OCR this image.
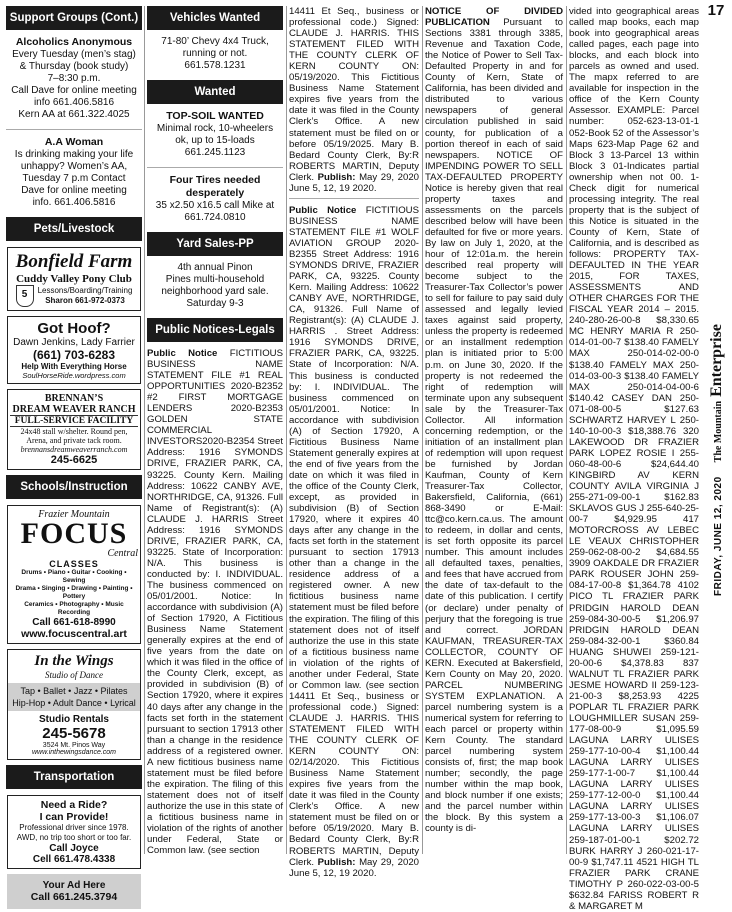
Support Groups (Cont.)
Alcoholics Anonymous

Every Tuesday (men’s stag)

& Thursday (book study)

7–8:30 p.m.

Call Dave for online meeting

info 661.406.5816

Kern AA at 661.322.4025

A.A Woman

Is drinking making your life

unhappy? Women’s AA,

Tuesday 7 p.m Contact

Dave for online meeting

info. 661.406.5816

Pets/Livestock
Bonfield Farm
Cuddy Valley Pony Club
5	Lessons/Boarding/Training
Sharon 661-972-0373
Got Hoof?
Dawn Jenkins, Lady Farrier
(661) 703-6283
Help With Everything Horse
SoulHorseRide.wordpress.com
BRENNAN’S
DREAM WEAVER RANCH
FULL-SERVICE FACILITY
24x48 stall w/shelter. Round pen,
Arena, and private tack room.
brennansdreamweaverranch.com
245-6625
Schools/Instruction
Frazier Mountain
FOCUS
Central
CLASSES
Drums • Piano • Guitar • Cooking • Sewing
Drama • Singing • Drawing • Painting • Pottery
Ceramics • Photography • Music Recording
Call 661-618-8990
www.focuscentral.art
In the Wings
Studio of Dance
Tap • Ballet • Jazz • Pilates
Hip-Hop • Adult Dance • Lyrical
Studio Rentals
245-5678
3524 Mt. Pinos Way
www.inthewingsdance.com
Transportation
Need a Ride?
I can Provide!
Professional driver since 1978.
AWD, no trip too short or too far.
Call Joyce
Cell 661.478.4338
Your Ad Here
Call 661.245.3794
Vehicles Wanted

71-80’ Chevy 4x4 Truck,

running or not.

661.578.1231

Wanted
TOP-SOIL WANTED

Minimal rock, 10-wheelers

ok, up to 15-loads

661.245.1123

Four Tires needed
desperately

35 x2.50 x16.5 call Mike at

661.724.0810

Yard Sales-PP

4th annual Pinon

Pines multi-household

neighborhood yard sale.

Saturday 9-3

Public Notices-Legals

Public Notice FICTITIOUS BUSINESS NAME STATEMENT FILE #1 REAL OPPORTUNITIES 2020-B2352 #2 FIRST MORTGAGE LENDERS 2020-B2353 GOLDEN STATE COMMERCIAL INVESTORS2020-B2354 Street Address: 1916 SYMONDS DRIVE, FRAZIER PARK, CA, 93225. County Kern. Mailing Address: 10622 CANBY AVE, NORTHRIDGE, CA, 91326. Full Name of Registrant(s): (A) CLAUDE J. HARRIS Street Address: 1916 SYMONDS DRIVE, FRAZIER PARK, CA, 93225. State of Incorporation: N/A. This business is conducted by: I. INDIVIDUAL. The business commenced on 05/01/2001. Notice: In accordance with subdivision (A) of Section 17920, A Fictitious Business Name Statement generally expires at the end of five years from the date on which it was filed in the office of the County Clerk, except, as provided in subdivision (B) of Section 17920, where it expires 40 days after any change in the facts set forth in the statement pursuant to section 17913 other than a change in the residence address of a registered owner. A new fictitious business name statement must be filed before the expiration. The filing of this statement does not of itself authorize the use in this state of a fictitious business name in violation of the rights of another under Federal, State or Common law. (see section

14411 Et Seq., business or professional code.) Signed: CLAUDE J. HARRIS. THIS STATEMENT FILED WITH THE COUNTY CLERK OF KERN COUNTY ON: 05/19/2020. This Fictitious Business Name Statement expires five years from the date it was filed in the County Clerk’s Office. A new statement must be filed on or before 05/19/2025. Mary B. Bedard County Clerk, By:R ROBERTS MARTIN, Deputy Clerk. Publish: May 29, 2020 June 5, 12, 19 2020.

Public Notice FICTITIOUS BUSINESS NAME STATEMENT FILE #1 WOLF AVIATION GROUP 2020-B2355 Street Address: 1916 SYMONDS DRIVE, FRAZIER PARK, CA, 93225. County Kern. Mailing Address: 10622 CANBY AVE, NORTHRIDGE, CA, 91326. Full Name of Registrant(s): (A) CLAUDE J. HARRIS . Street Address: 1916 SYMONDS DRIVE, FRAZIER PARK, CA, 93225. State of Incorporation: N/A. This business is conducted by: I. INDIVIDUAL. The business commenced on 05/01/2001. Notice: In accordance with subdivision (A) of Section 17920, A Fictitious Business Name Statement generally expires at the end of five years from the date on which it was filed in the office of the County Clerk, except, as provided in subdivision (B) of Section 17920, where it expires 40 days after any change in the facts set forth in the statement pursuant to section 17913 other than a change in the residence address of a registered owner. A new fictitious business name statement must be filed before the expiration. The filing of this statement does not of itself authorize the use in this state of a fictitious business name in violation of the rights of another under Federal, State or Common law. (see section 14411 Et Seq., business or professional code.) Signed: CLAUDE J. HARRIS. THIS STATEMENT FILED WITH THE COUNTY CLERK OF KERN COUNTY ON: 02/14/2020. This Fictitious Business Name Statement expires five years from the date it was filed in the County Clerk’s Office. A new statement must be filed on or before 05/19/2020. Mary B. Bedard County Clerk, By:R ROBERTS MARTIN, Deputy Clerk. Publish: May 29, 2020 June 5, 12, 19 2020.

NOTICE OF DIVIDED PUBLICATION Pursuant to Sections 3381 through 3385, Revenue and Taxation Code, the Notice of Power to Sell Tax-Defaulted Property in and for County of Kern, State of California, has been divided and distributed to various newspapers of general circulation published in said county, for publication of a portion thereof in each of said newspapers. NOTICE OF IMPENDING POWER TO SELL TAX-DEFAULTED PROPERTY Notice is hereby given that real property taxes and assessments on the parcels described below will have been defaulted for five or more years. By law on July 1, 2020, at the hour of 12:01a.m. the herein described real property will become subject to the Treasurer-Tax Collector’s power to sell for failure to pay said duly assessed and legally levied taxes against said property, unless the property is redeemed or an installment redemption plan is initiated prior to 5:00 p.m. on June 30, 2020. If the property is not redeemed the right of redemption will terminate upon any subsequent sale by the Treasurer-Tax Collector. All information concerning redemption, or the initiation of an installment plan of redemption will upon request be furnished by Jordan Kaufman, County of Kern Treasurer-Tax Collector, Bakersfield, California, (661) 868-3490 or E-Mail: ttc@co.kern.ca.us. The amount to redeem, in dollar and cents, is set forth opposite its parcel number. This amount includes all defaulted taxes, penalties, and fees that have accrued from the date of tax-default to the date of this publication. I certify (or declare) under penalty of perjury that the foregoing is true and correct. JORDAN KAUFMAN, TREASURER-TAX COLLECTOR, COUNTY OF KERN. Executed at Bakersfield, Kern County on May 20, 2020. PARCEL NUMBERING SYSTEM EXPLANATION. A parcel numbering system is a numerical system for referring to each parcel or property within Kern County. The standard parcel numbering system consists of, first; the map book number; secondly, the page number within the map book, and block number if one exists; and the parcel number within the block. By this system a county is di-

vided into geographical areas called map books, each map book into geographical areas called pages, each page into blocks, and each block into parcels as owned and used. The mapx referred to are available for inspection in the office of the Kern County Assessor. EXAMPLE: Parcel number: 052-623-13-01-1 052-Book 52 of the Assessor’s Maps 623-Map Page 62 and Block 3 13-Parcel 13 within Block 3 01-Indicates partial ownership when not 00. 1-Check digit for numerical processing integrity. The real property that is the subject of this Notice is situated in the County of Kern, State of California, and is described as follows: PROPERTY TAX-DEFAULTED IN THE YEAR 2015, FOR TAXES, ASSESSMENTS AND OTHER CHARGES FOR THE FISCAL YEAR 2014 – 2015. 240-280-26-00-8 $8,330.65 MC HENRY MARIA R 250-014-01-00-7 $138.40 FAMELY MAX 250-014-02-00-0 $138.40 FAMELY MAX 250-014-03-00-3 $138.40 FAMELY MAX 250-014-04-00-6 $140.42 CASEY DAN 250-071-08-00-5 $127.63 SCHWARTZ HARVEY L 250-140-10-00-3 $18,388.76 320 LAKEWOOD DR FRAZIER PARK LOPEZ ROSIE I 255-060-48-00-6 $24,644.40 KINGBIRD AV KERN COUNTY AVILA VIRGINIA J 255-271-09-00-1 $162.83 SKLAVOS GUS J 255-640-25-00-7 $4,929.95 417 MOTORCROSS AV LEBEC LE VEAUX CHRISTOPHER 259-062-08-00-2 $4,684.55 3909 OAKDALE DR FRAZIER PARK ROUSER JOHN 259-084-17-00-8 $1,364.78 4102 PICO TL FRAZIER PARK PRIDGIN HAROLD DEAN 259-084-30-00-5 $1,206.97 PRIDGIN HAROLD DEAN 259-084-32-00-1 $360.84 HUANG SHUWEI 259-121-20-00-6 $4,378.83 837 WALNUT TL FRAZIER PARK JESME HOWARD II 259-123-21-00-3 $8,253.93 4225 POPLAR TL FRAZIER PARK LOUGHMILLER SUSAN 259-177-08-00-9 $1,095.59 LAGUNA LARRY ULISES 259-177-10-00-4 $1,100.44 LAGUNA LARRY ULISES 259-177-1-00-7 $1,100.44 LAGUNA LARRY ULISES 259-177-12-00-0 $1,100.44 LAGUNA LARRY ULISES 259-177-13-00-3 $1,106.07 LAGUNA LARRY ULISES 259-187-01-00-1 $202.72 BURK HARRY J 260-021-17-00-9 $1,747.11 4521 HIGH TL FRAZIER PARK CRANE TIMOTHY P 260-022-03-00-5 $632.84 FARISS ROBERT R & MARGARET M

17
FRIDAY, JUNE 12, 2020
The Mountain Enterprise
